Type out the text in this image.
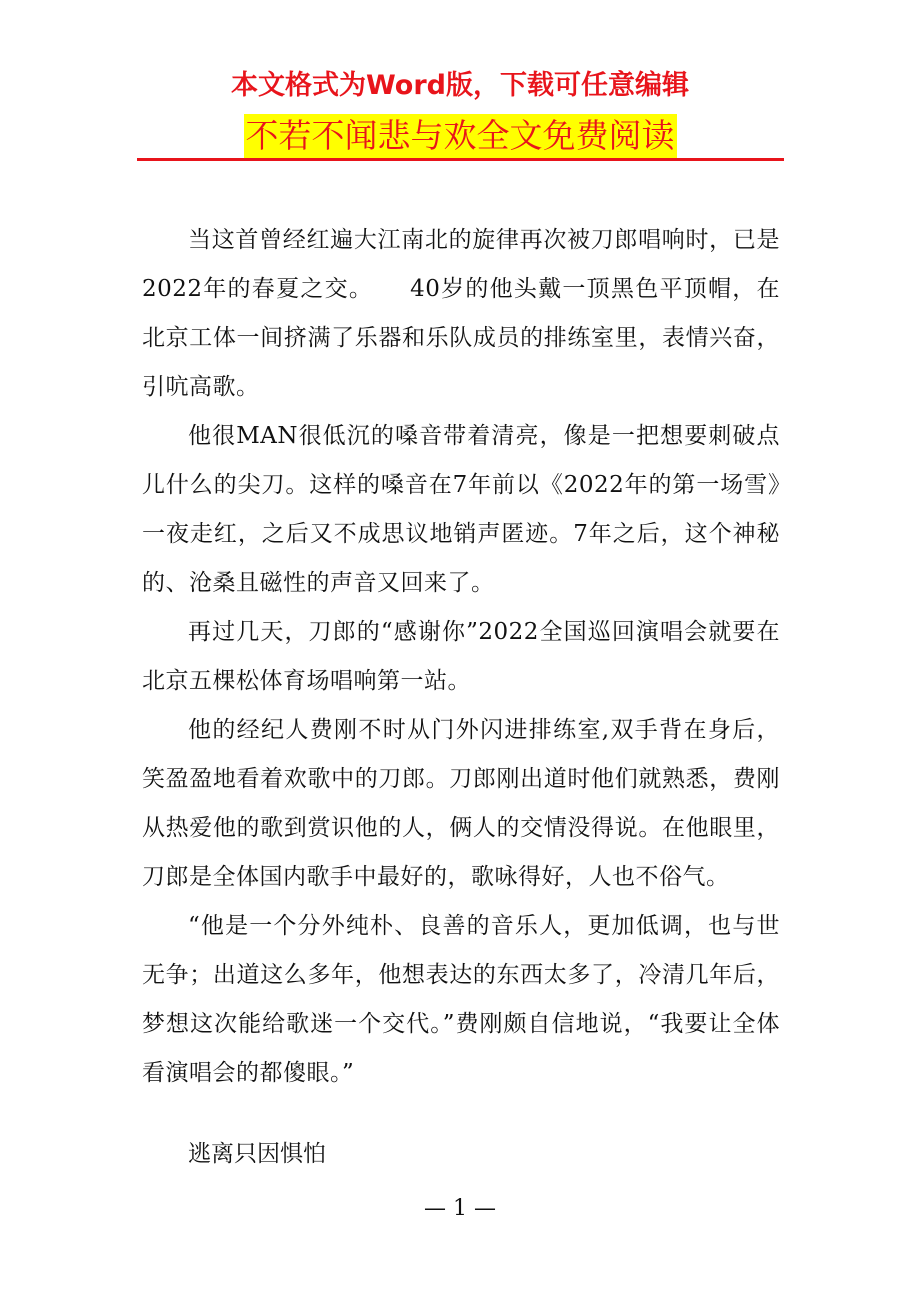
本文格式为Word版，下载可任意编辑
不若不闻悲与欢全文免费阅读

当这首曾经红遍大江南北的旋律再次被刀郎唱响时，已是2022年的春夏之交。　　40岁的他头戴一顶黑色平顶帽，在北京工体一间挤满了乐器和乐队成员的排练室里，表情兴奋，引吭高歌。

他很MAN很低沉的嗓音带着清亮，像是一把想要刺破点儿什么的尖刀。这样的嗓音在7年前以《2022年的第一场雪》一夜走红，之后又不成思议地销声匿迹。7年之后，这个神秘的、沧桑且磁性的声音又回来了。

再过几天，刀郎的“感谢你”2022全国巡回演唱会就要在北京五棵松体育场唱响第一站。

他的经纪人费刚不时从门外闪进排练室,双手背在身后，笑盈盈地看着欢歌中的刀郎。刀郎刚出道时他们就熟悉，费刚从热爱他的歌到赏识他的人，俩人的交情没得说。在他眼里，刀郎是全体国内歌手中最好的，歌咏得好，人也不俗气。

“他是一个分外纯朴、良善的音乐人，更加低调，也与世无争；出道这么多年，他想表达的东西太多了，冷清几年后，梦想这次能给歌迷一个交代。”费刚颇自信地说，“我要让全体看演唱会的都傻眼。”

逃离只因惧怕
— 1 —
